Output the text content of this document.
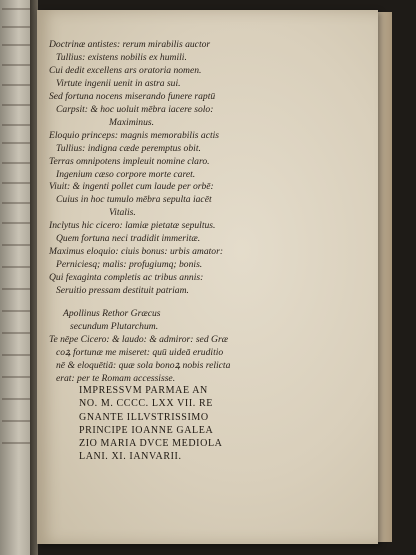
Doctrinæ antistes: rerum mirabilis auctor
Tullius: existens nobilis ex humili.
Cui dedit excellens ars oratoria nomen.
Virtute ingenii uenit in astra sui.
Sed fortuna nocens miserando funere raptū
Carpsit: & hoc uoluit mēbra iacere solo:
Maximinus.
Eloquio princeps: magnis memorabilis actis
Tullius: indigna cæde peremptus obit.
Terras omnipotens impleuit nomine claro.
Ingenium cæso corpore morte caret.
Viuit: & ingenti pollet cum laude per orbē:
Cuius in hoc tumulo mēbra sepulta iacēt
Vitalis.
Inclytus hic cicero: lamiæ pietatæ sepultus.
Quem fortuna neci tradidit immeritæ.
Maximus eloquio: ciuis bonus: urbis amator:
Perniciesq; malis: profugiumq; bonis.
Qui fexaginta completis ac tribus annis:
Seruitio pressam destituit patriam.
Apollinus Rethor Græcus
secundum Plutarchum.
Te nēpe Cicero: & laudo: & admiror: sed Græ
coꝝ fortunæ me miseret: quū uideā eruditio
nē & eloquētiā: quæ sola bonoꝝ nobis relicta
erat: per te Romam accessisse.
IMPRESSVM PARMAE AN
NO. M. CCCC. LXX VII. RE
GNANTE ILLVSTRISSIMO
PRINCIPE IOANNE GALEA
ZIO MARIA DVCE MEDIOLA
LANI. XI. IANVARII.
